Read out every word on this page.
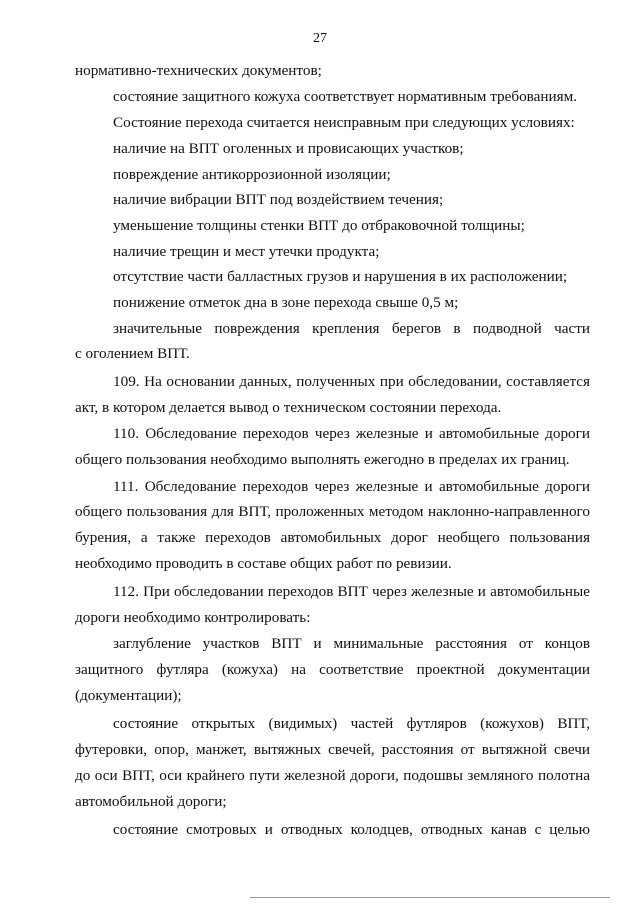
27
нормативно-технических документов;
состояние защитного кожуха соответствует нормативным требованиям.
Состояние перехода считается неисправным при следующих условиях:
наличие на ВПТ оголенных и провисающих участков;
повреждение антикоррозионной изоляции;
наличие вибрации ВПТ под воздействием течения;
уменьшение толщины стенки ВПТ до отбраковочной толщины;
наличие трещин и мест утечки продукта;
отсутствие части балластных грузов и нарушения в их расположении;
понижение отметок дна в зоне перехода свыше 0,5 м;
значительные повреждения крепления берегов в подводной части
с оголением ВПТ.
109. На основании данных, полученных при обследовании, составляется
акт, в котором делается вывод о техническом состоянии перехода.
110. Обследование переходов через железные и автомобильные дороги
общего пользования необходимо выполнять ежегодно в пределах их границ.
111. Обследование переходов через железные и автомобильные дороги
общего пользования для ВПТ, проложенных методом наклонно-направленного
бурения, а также переходов автомобильных дорог необщего пользования
необходимо проводить в составе общих работ по ревизии.
112. При обследовании переходов ВПТ через железные и автомобильные
дороги необходимо контролировать:
заглубление участков ВПТ и минимальные расстояния от концов
защитного футляра (кожуха) на соответствие проектной документации
(документации);
состояние открытых (видимых) частей футляров (кожухов) ВПТ,
футеровки, опор, манжет, вытяжных свечей, расстояния от вытяжной свечи
до оси ВПТ, оси крайнего пути железной дороги, подошвы земляного полотна
автомобильной дороги;
состояние смотровых и отводных колодцев, отводных канав с целью
